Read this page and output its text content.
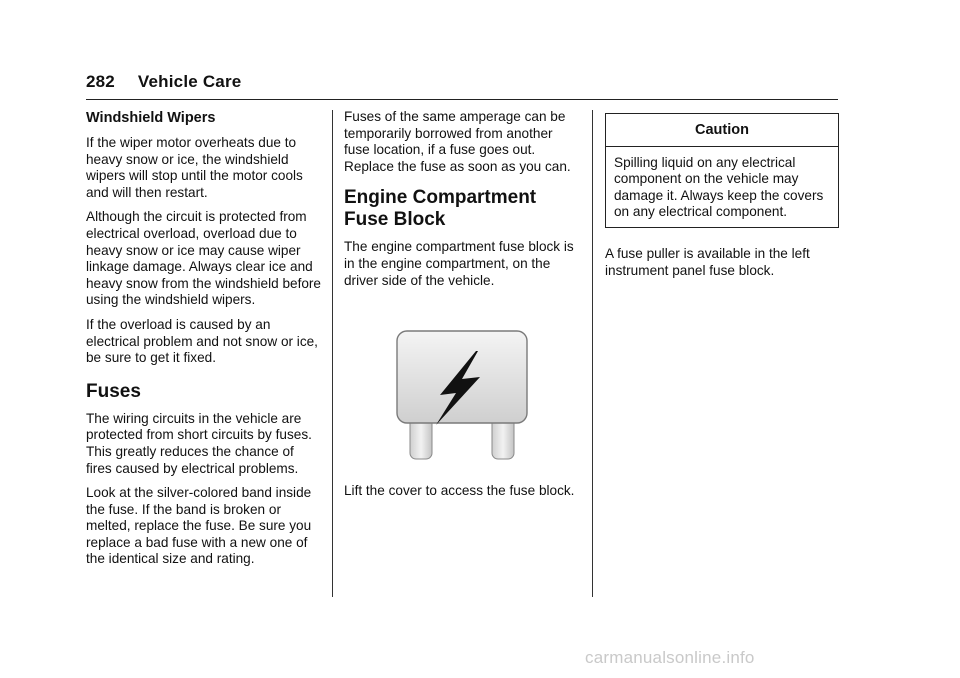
282 Vehicle Care
Windshield Wipers

If the wiper motor overheats due to heavy snow or ice, the windshield wipers will stop until the motor cools and will then restart.

Although the circuit is protected from electrical overload, overload due to heavy snow or ice may cause wiper linkage damage. Always clear ice and heavy snow from the windshield before using the windshield wipers.

If the overload is caused by an electrical problem and not snow or ice, be sure to get it fixed.

Fuses

The wiring circuits in the vehicle are protected from short circuits by fuses. This greatly reduces the chance of fires caused by electrical problems.

Look at the silver-colored band inside the fuse. If the band is broken or melted, replace the fuse. Be sure you replace a bad fuse with a new one of the identical size and rating.

Fuses of the same amperage can be temporarily borrowed from another fuse location, if a fuse goes out. Replace the fuse as soon as you can.

Engine Compartment Fuse Block

The engine compartment fuse block is in the engine compartment, on the driver side of the vehicle.

Lift the cover to access the fuse block.

Caution
Spilling liquid on any electrical component on the vehicle may damage it. Always keep the covers on any electrical component.

A fuse puller is available in the left instrument panel fuse block.

carmanualsonline.info
